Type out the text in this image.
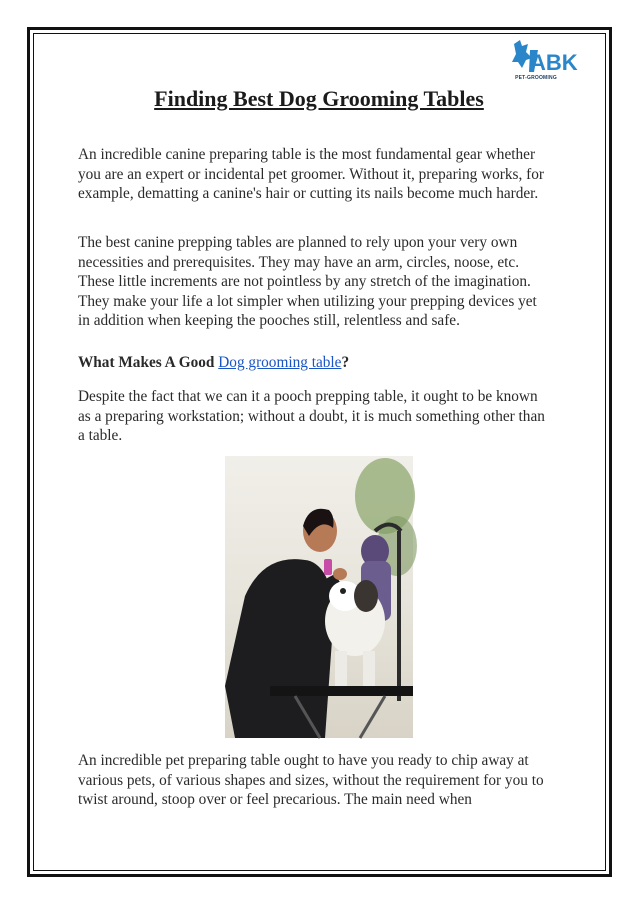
ABK
PET-GROOMING
Finding Best Dog Grooming Tables

An incredible canine preparing table is the most fundamental gear whether you are an expert or incidental pet groomer. Without it, preparing works, for example, dematting a canine's hair or cutting its nails become much harder.

The best canine prepping tables are planned to rely upon your very own necessities and prerequisites. They may have an arm, circles, noose, etc. These little increments are not pointless by any stretch of the imagination. They make your life a lot simpler when utilizing your prepping devices yet in addition when keeping the pooches still, relentless and safe.

What Makes A Good Dog grooming table?

Despite the fact that we can it a pooch prepping table, it ought to be known as a preparing workstation; without a doubt, it is much something other than a table.

An incredible pet preparing table ought to have you ready to chip away at various pets, of various shapes and sizes, without the requirement for you to twist around, stoop over or feel precarious. The main need when
